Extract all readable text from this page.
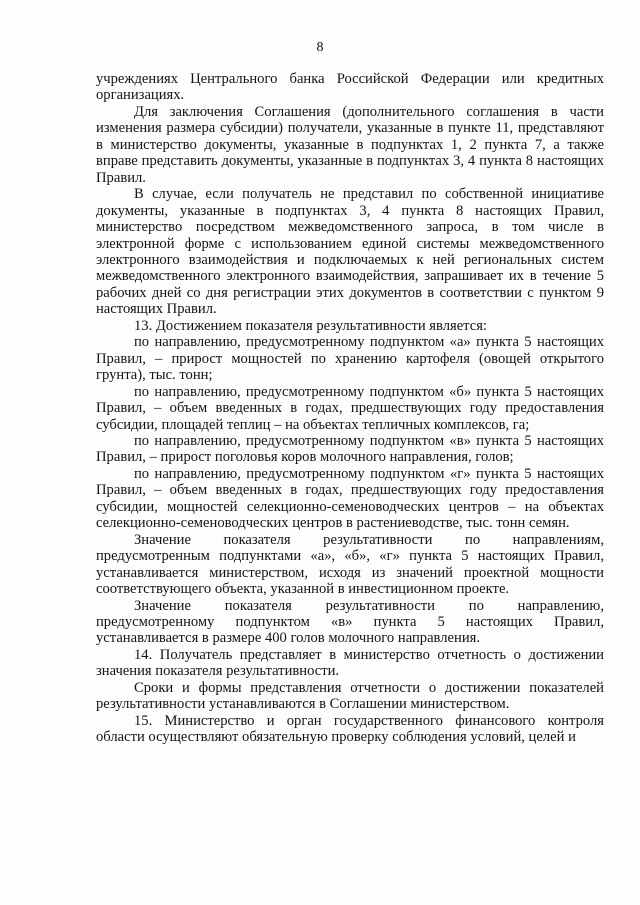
8

учреждениях Центрального банка Российской Федерации или кредитных организациях.

Для заключения Соглашения (дополнительного соглашения в части изменения размера субсидии) получатели, указанные в пункте 11, представляют в министерство документы, указанные в подпунктах 1, 2 пункта 7, а также вправе представить документы, указанные в подпунктах 3, 4 пункта 8 настоящих Правил.

В случае, если получатель не представил по собственной инициативе документы, указанные в подпунктах 3, 4 пункта 8 настоящих Правил, министерство посредством межведомственного запроса, в том числе в электронной форме с использованием единой системы межведомственного электронного взаимодействия и подключаемых к ней региональных систем межведомственного электронного взаимодействия, запрашивает их в течение 5 рабочих дней со дня регистрации этих документов в соответствии с пунктом 9 настоящих Правил.

13. Достижением показателя результативности является:

по направлению, предусмотренному подпунктом «а» пункта 5 настоящих Правил, – прирост мощностей по хранению картофеля (овощей открытого грунта), тыс. тонн;

по направлению, предусмотренному подпунктом «б» пункта 5 настоящих Правил, – объем введенных в годах, предшествующих году предоставления субсидии, площадей теплиц – на объектах тепличных комплексов, га;

по направлению, предусмотренному подпунктом «в» пункта 5 настоящих Правил, – прирост поголовья коров молочного направления, голов;

по направлению, предусмотренному подпунктом «г» пункта 5 настоящих Правил, – объем введенных в годах, предшествующих году предоставления субсидии, мощностей селекционно-семеноводческих центров – на объектах селекционно-семеноводческих центров в растениеводстве, тыс. тонн семян.

Значение показателя результативности по направлениям, предусмотренным подпунктами «а», «б», «г» пункта 5 настоящих Правил, устанавливается министерством, исходя из значений проектной мощности соответствующего объекта, указанной в инвестиционном проекте.

Значение показателя результативности по направлению, предусмотренному подпунктом «в» пункта 5 настоящих Правил, устанавливается в размере 400 голов молочного направления.

14. Получатель представляет в министерство отчетность о достижении значения показателя результативности.

Сроки и формы представления отчетности о достижении показателей результативности устанавливаются в Соглашении министерством.

15. Министерство и орган государственного финансового контроля области осуществляют обязательную проверку соблюдения условий, целей и
